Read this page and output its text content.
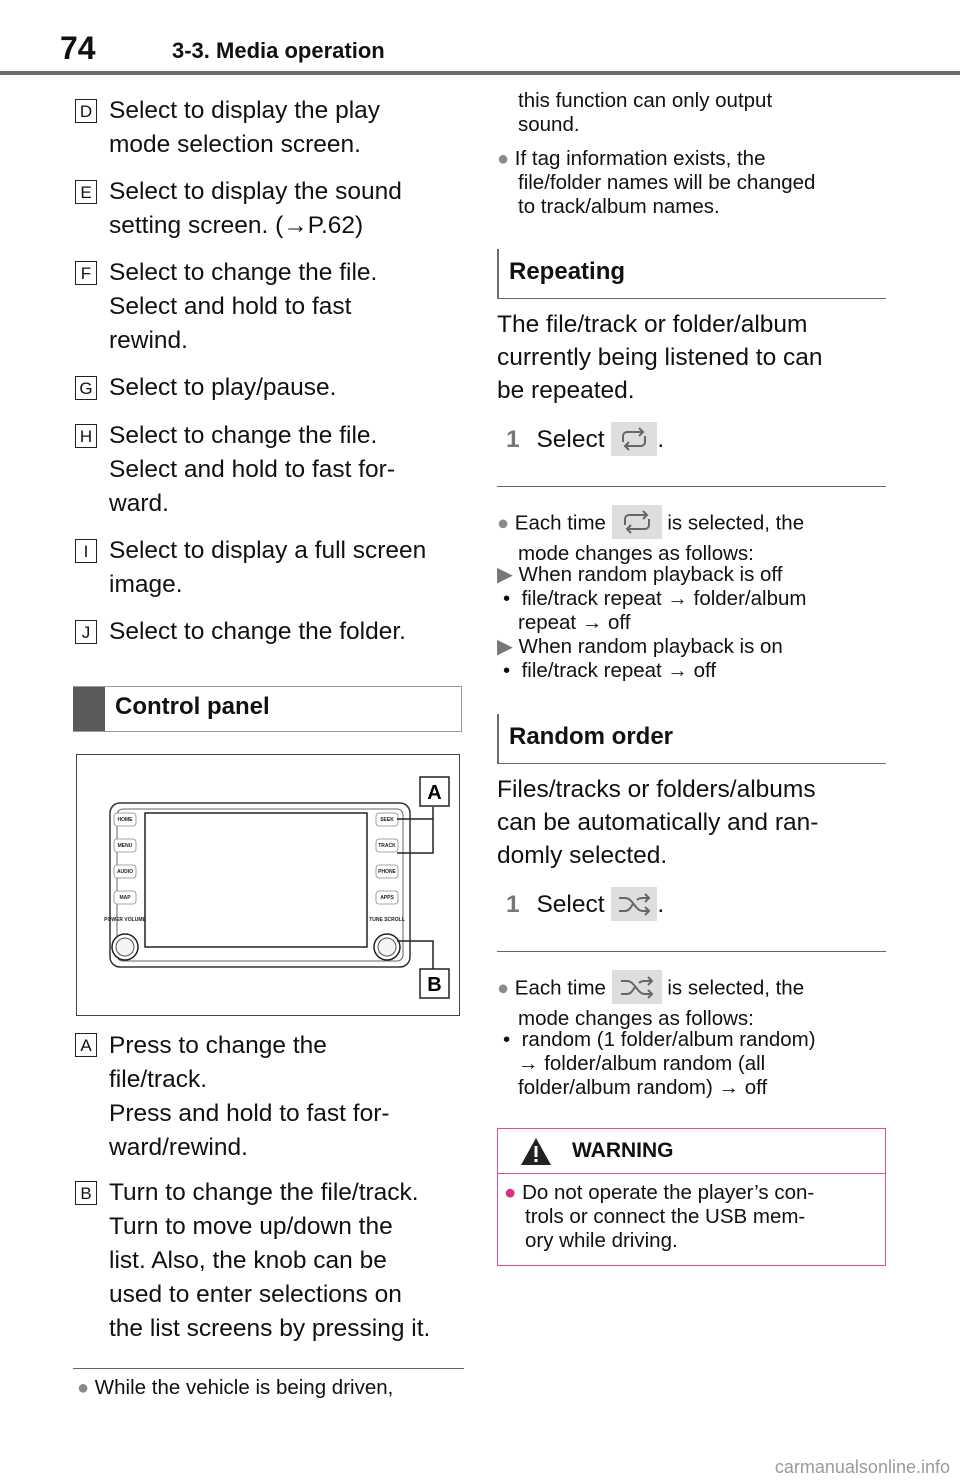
74	3-3. Media operation
D Select to display the play
mode selection screen.
E Select to display the sound
setting screen. (→P.62)
F Select to change the file.
Select and hold to fast
rewind.
G Select to play/pause.
H Select to change the file.
Select and hold to fast for-
ward.
I Select to display a full screen
image.
J Select to change the folder.
Control panel
HOME
MENU
AUDIO
MAP
POWER VOLUME
SEEK
TRACK
PHONE
APPS
TUNE SCROLL
A
B
A Press to change the
file/track.
Press and hold to fast for-
ward/rewind.
B Turn to change the file/track.
Turn to move up/down the
list. Also, the knob can be
used to enter selections on
the list screens by pressing it.
● While the vehicle is being driven,
this function can only output
sound.
● If tag information exists, the
file/folder names will be changed
to track/album names.
Repeating
The file/track or folder/album
currently being listened to can
be repeated.
1 Select .
● Each time	is selected, the
mode changes as follows:
▶ When random playback is off
• file/track repeat → folder/album
repeat → off
▶ When random playback is on
• file/track repeat → off
Random order
Files/tracks or folders/albums
can be automatically and ran-
domly selected.
1 Select .
● Each time	is selected, the
mode changes as follows:
• random (1 folder/album random)
→ folder/album random (all
folder/album random) → off
WARNING
● Do not operate the player’s con-
trols or connect the USB mem-
ory while driving.
carmanualsonline.info
